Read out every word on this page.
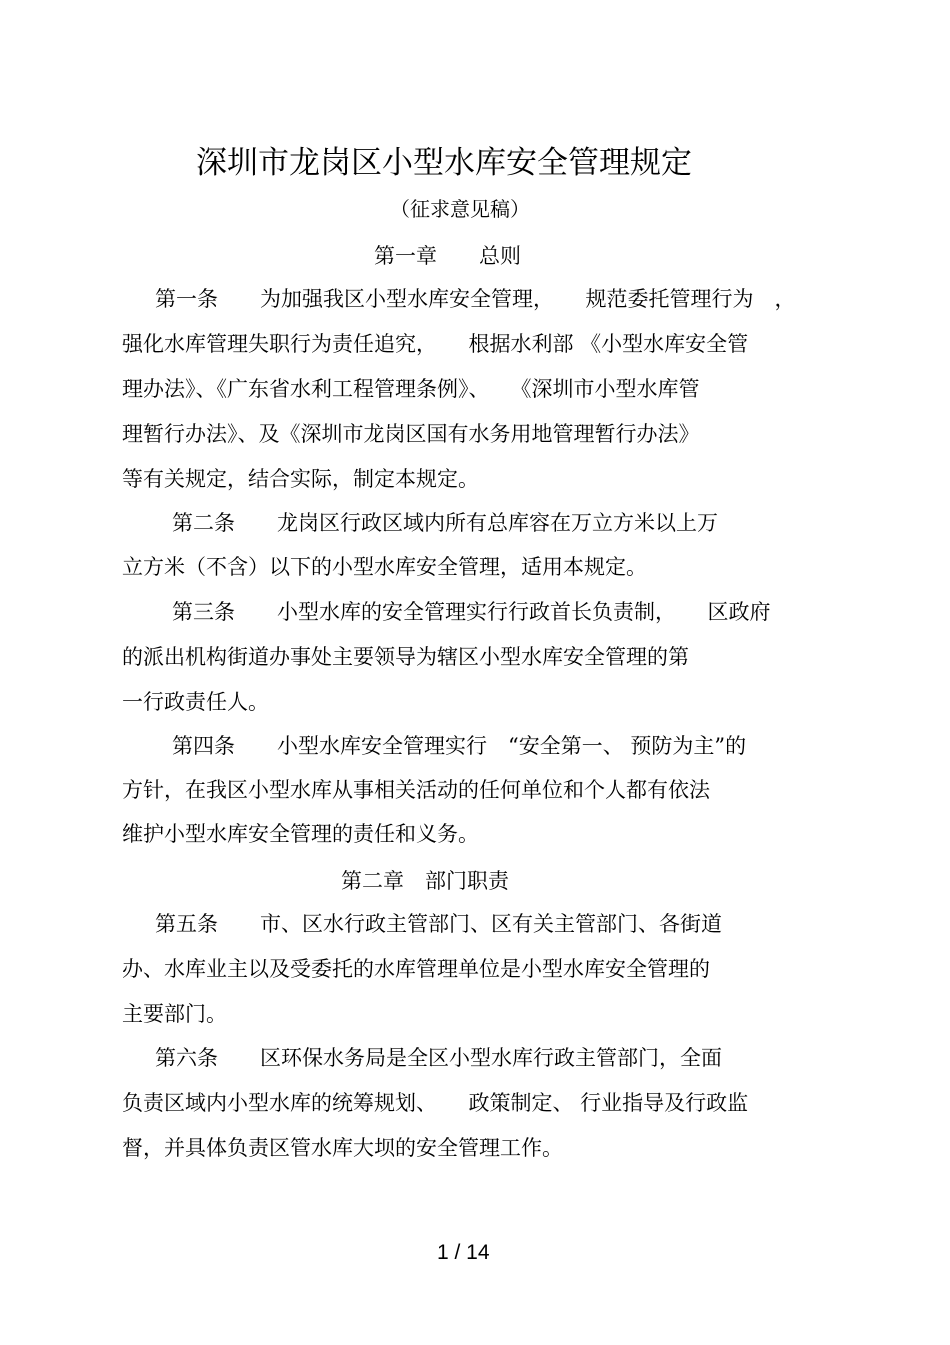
深圳市龙岗区小型水库安全管理规定
（征求意见稿）
第一章　　总则
第一条　　为加强我区小型水库安全管理，　　规范委托管理行为　，
强化水库管理失职行为责任追究，　　根据水利部 《小型水库安全管
理办法》、《广东省水利工程管理条例》、　　《深圳市小型水库管
理暂行办法》、及《深圳市龙岗区国有水务用地管理暂行办法》
等有关规定，结合实际，制定本规定。
第二条　　龙岗区行政区域内所有总库容在万立方米以上万
立方米（不含）以下的小型水库安全管理，适用本规定。
第三条　　小型水库的安全管理实行行政首长负责制，　　区政府
的派出机构街道办事处主要领导为辖区小型水库安全管理的第
一行政责任人。
第四条　　小型水库安全管理实行　“安全第一、 预防为主”的
方针，在我区小型水库从事相关活动的任何单位和个人都有依法
维护小型水库安全管理的责任和义务。
第二章　部门职责
第五条　　市、区水行政主管部门、区有关主管部门、各街道
办、水库业主以及受委托的水库管理单位是小型水库安全管理的
主要部门。
第六条　　区环保水务局是全区小型水库行政主管部门，全面
负责区域内小型水库的统筹规划、　　政策制定、 行业指导及行政监
督，并具体负责区管水库大坝的安全管理工作。
1 / 14
